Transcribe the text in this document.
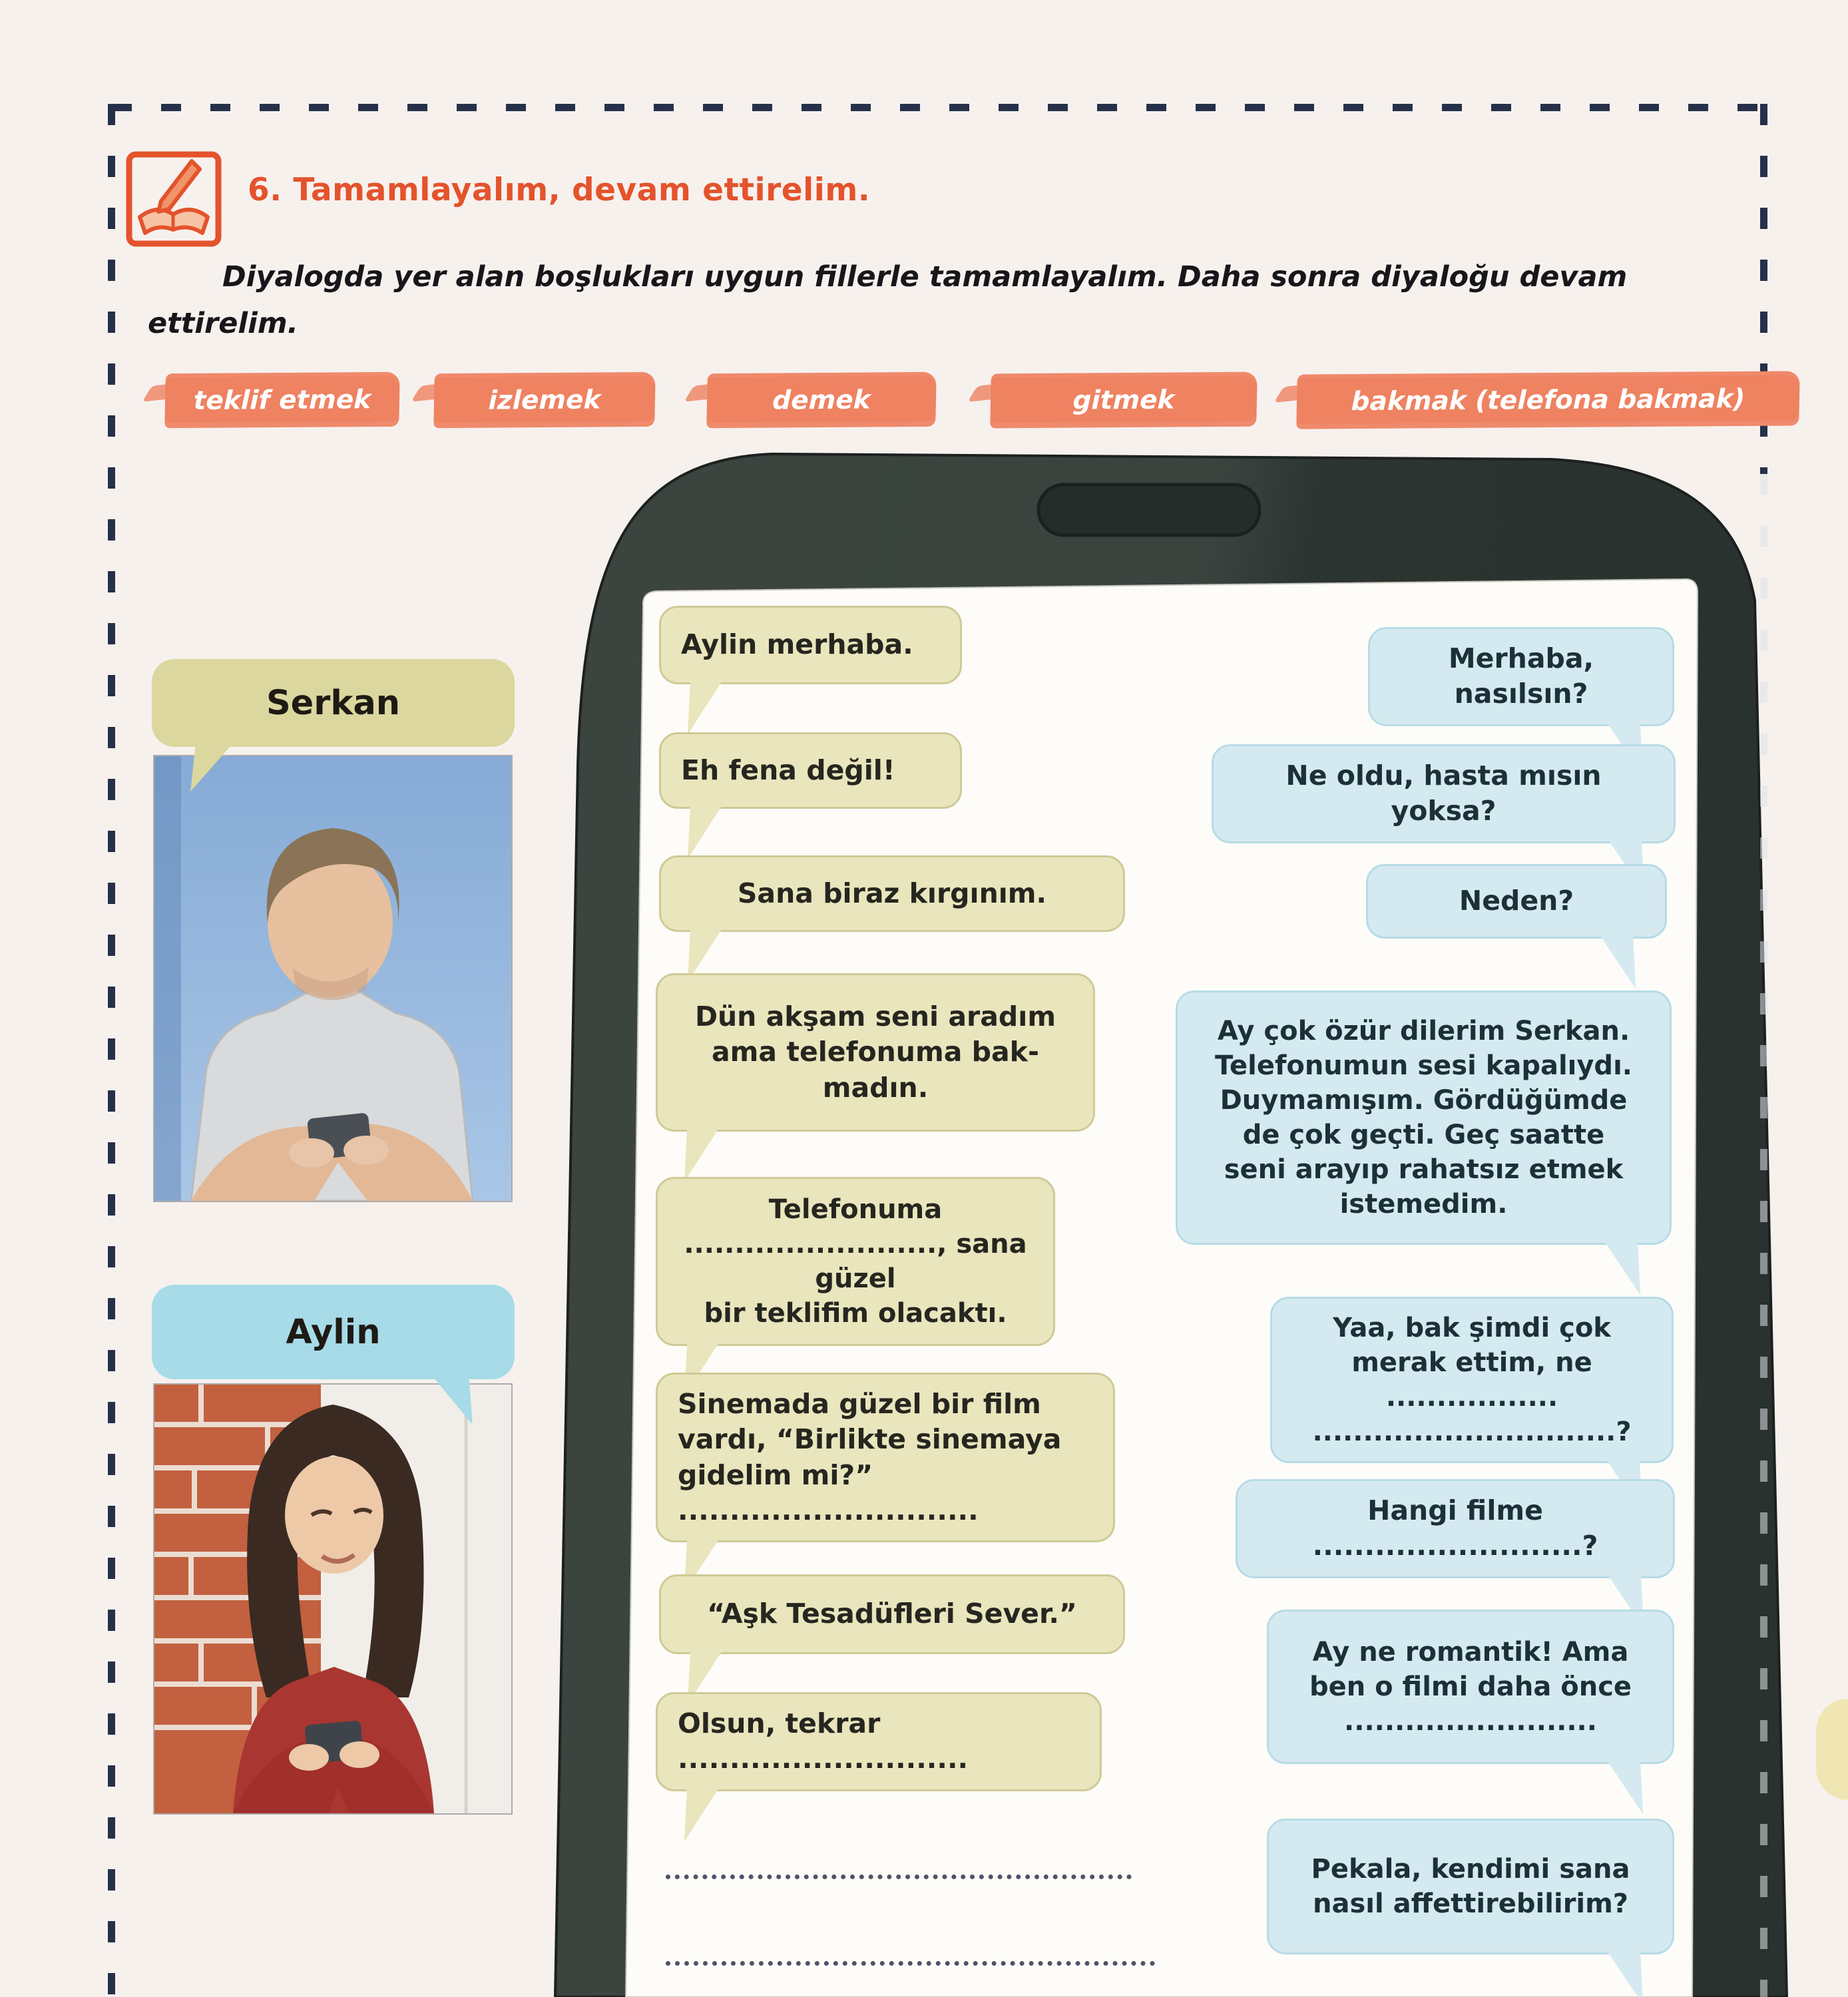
6. Tamamlayalım, devam ettirelim.
Diyalogda yer alan boşlukları uygun fillerle tamamlayalım. Daha sonra diyaloğu devam
ettirelim.
teklif etmek	izlemek	demek	gitmek	bakmak (telefona bakmak)
Serkan
Aylin
Aylin merhaba.
Eh fena değil!
Sana biraz kırgınım.
Dün akşam seni aradım
ama telefonuma bak-
madın.
Telefonuma
........................., sana güzel
bir teklifim olacaktı.
Sinemada güzel bir film
vardı, “Birlikte sinemaya
gidelim mi?” .............................
“Aşk Tesadüfleri Sever.”
Olsun, tekrar ............................
Merhaba, nasılsın?
Ne oldu, hasta mısın yoksa?
Neden?
Ay çok özür dilerim Serkan.
Telefonumun sesi kapalıydı.
Duymamışım. Gördüğümde
de çok geçti. Geç saatte
seni arayıp rahatsız etmek
istemedim.
Yaa, bak şimdi çok
merak ettim, ne
................. ..............................?
Hangi filme ..........................?
Ay ne romantik! Ama
ben o filmi daha önce
.........................
Pekala, kendimi sana
nasıl affettirebilirim?
